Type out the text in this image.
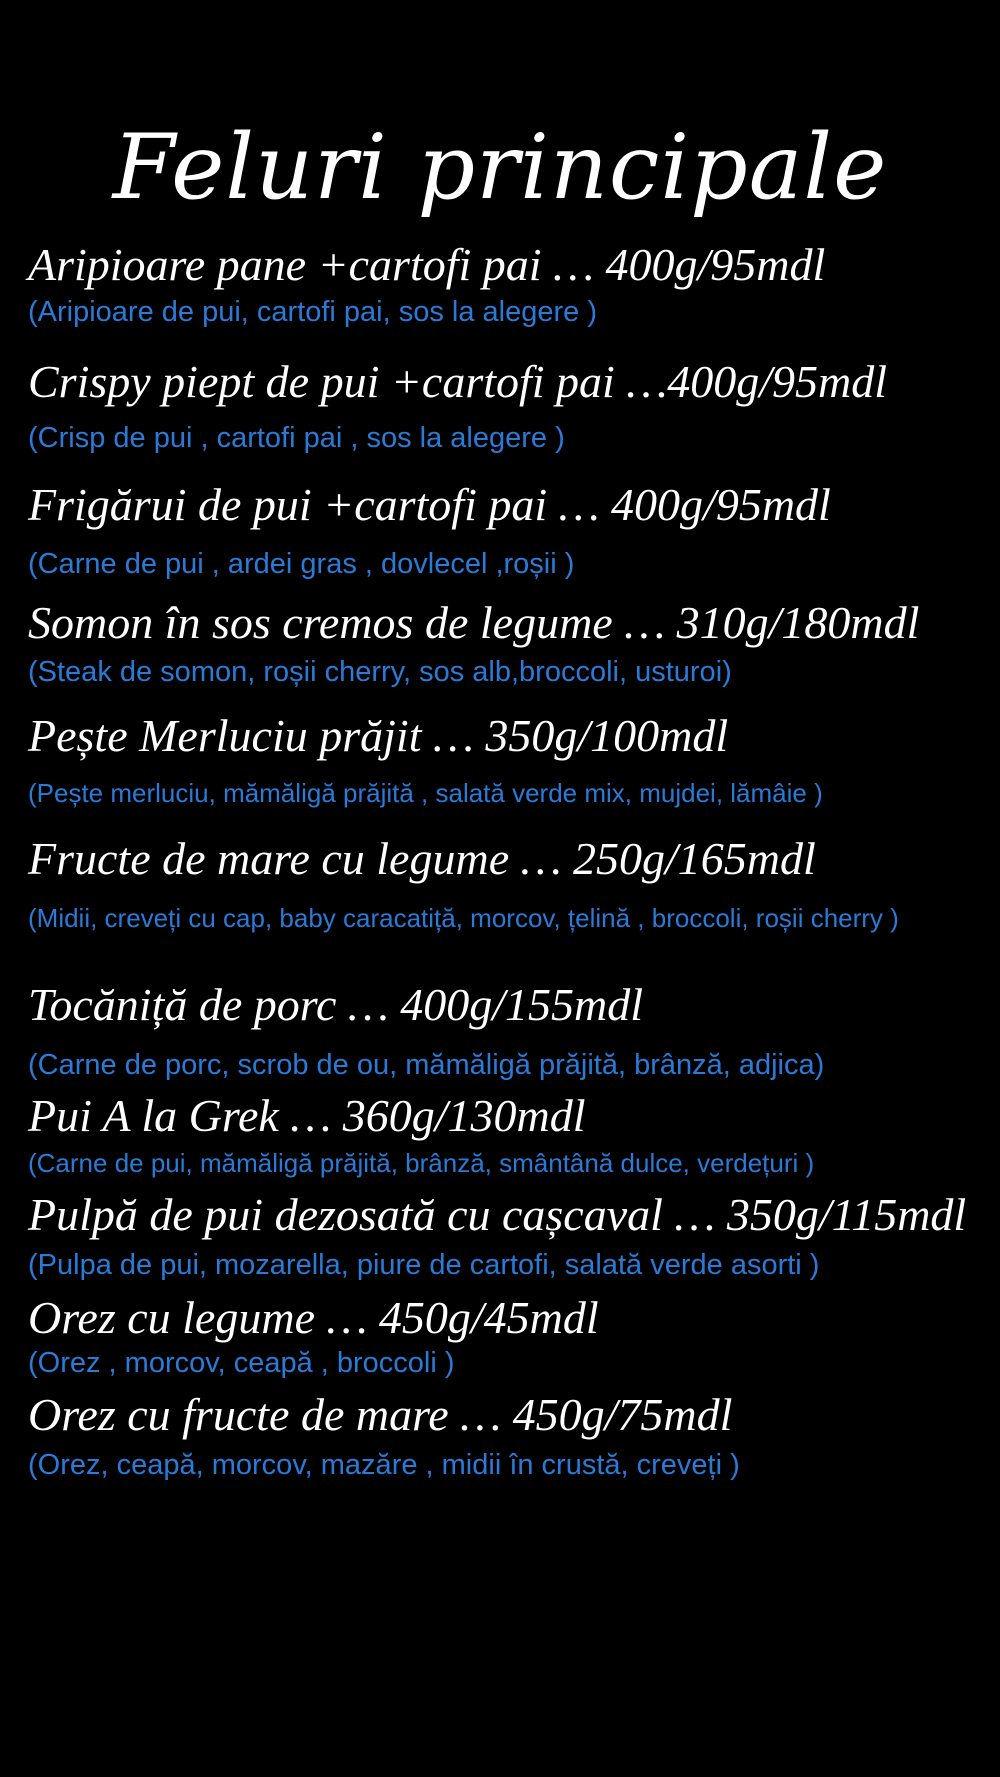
Feluri principale
Aripioare pane +cartofi pai … 400g/95mdl
(Aripioare de pui, cartofi pai, sos la alegere )
Crispy piept de pui +cartofi pai …400g/95mdl
(Crisp de pui , cartofi pai , sos la alegere )
Frigărui de pui +cartofi pai … 400g/95mdl
(Carne de pui , ardei gras , dovlecel ,roșii )
Somon în sos cremos de legume … 310g/180mdl
(Steak de somon, roșii cherry, sos alb,broccoli, usturoi)
Pește Merluciu prăjit … 350g/100mdl
(Pește merluciu, mămăligă prăjită , salată verde mix, mujdei, lămâie )
Fructe de mare cu legume … 250g/165mdl
(Midii, creveți cu cap, baby caracatiță, morcov, țelină , broccoli, roșii cherry )
Tocăniță de porc … 400g/155mdl
(Carne de porc, scrob de ou, mămăligă prăjită, brânză, adjica)
Pui A la Grek … 360g/130mdl
(Carne de pui, mămăligă prăjită, brânză, smântână dulce, verdețuri )
Pulpă de pui dezosată cu cașcaval … 350g/115mdl
(Pulpa de pui, mozarella, piure de cartofi, salată verde asorti )
Orez cu legume … 450g/45mdl
(Orez , morcov, ceapă , broccoli )
Orez cu fructe de mare … 450g/75mdl
(Orez, ceapă, morcov, mazăre , midii în crustă, creveți )
